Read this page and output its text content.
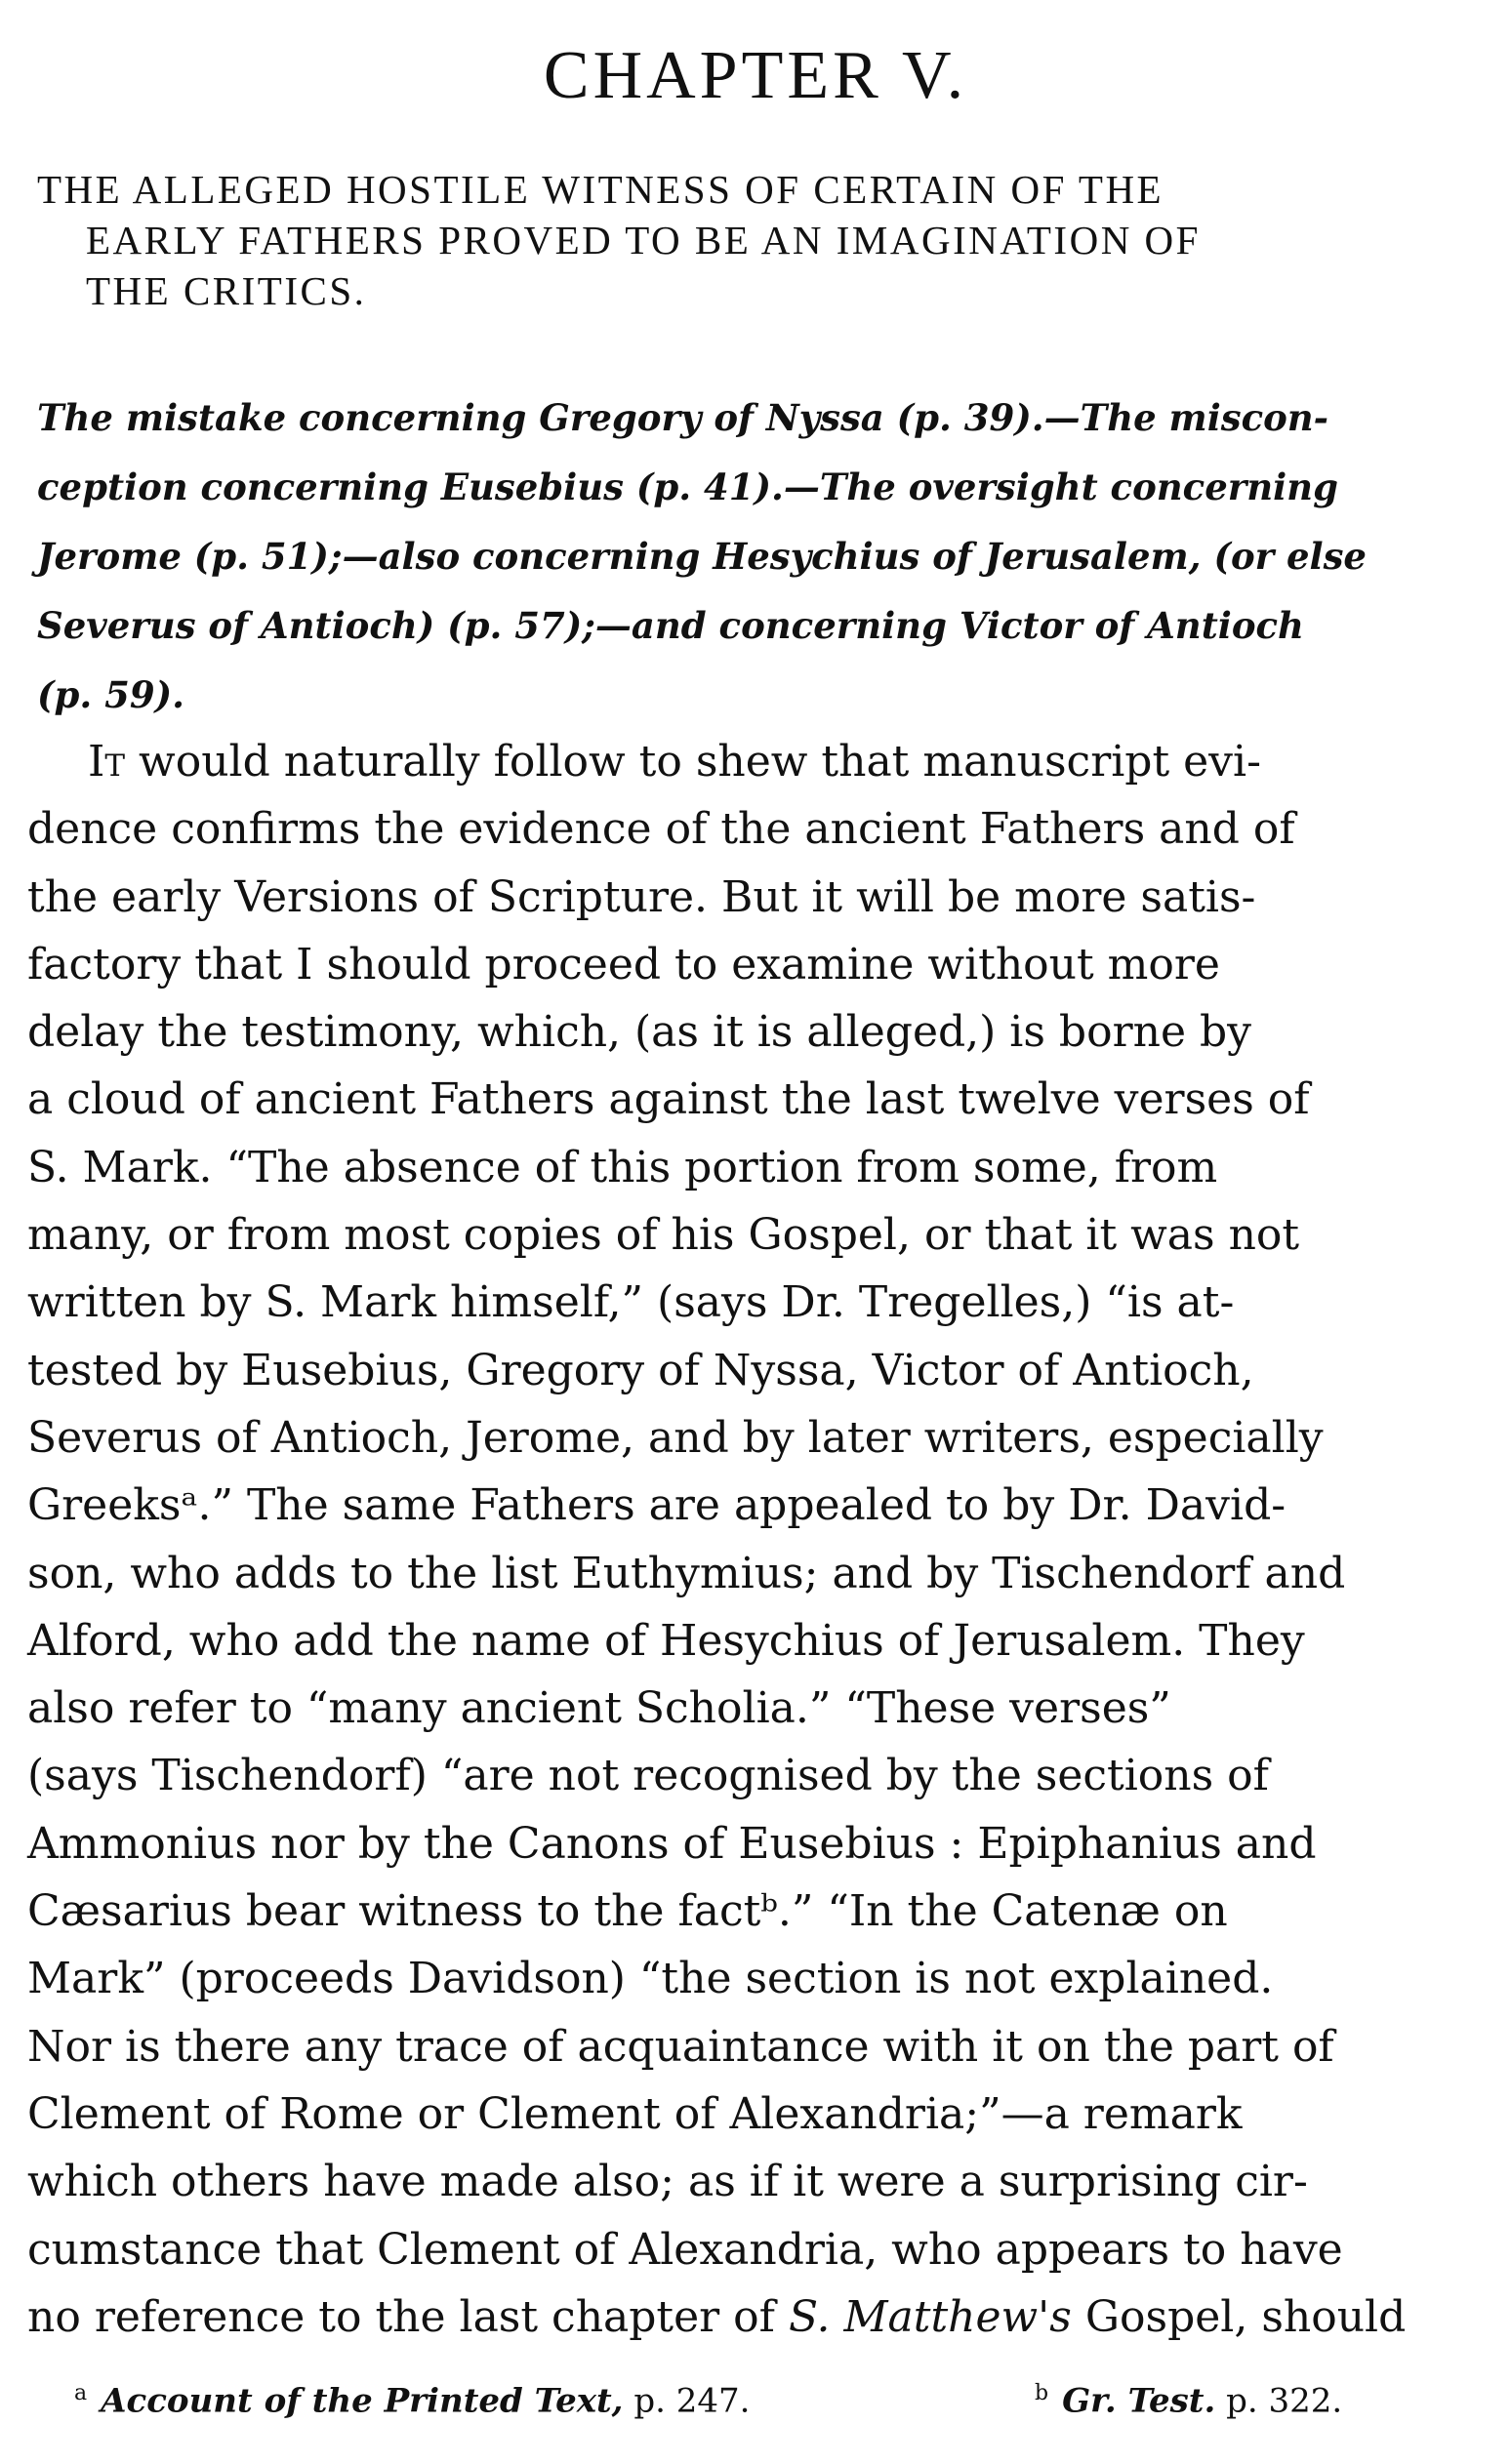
CHAPTER V.
THE ALLEGED HOSTILE WITNESS OF CERTAIN OF THE
EARLY FATHERS PROVED TO BE AN IMAGINATION OF
THE CRITICS.
The mistake concerning Gregory of Nyssa (p. 39).—The miscon-
ception concerning Eusebius (p. 41).—The oversight concerning
Jerome (p. 51);—also concerning Hesychius of Jerusalem, (or else
Severus of Antioch) (p. 57);—and concerning Victor of Antioch
(p. 59).
It would naturally follow to shew that manuscript evi-
dence confirms the evidence of the ancient Fathers and of
the early Versions of Scripture. But it will be more satis-
factory that I should proceed to examine without more
delay the testimony, which, (as it is alleged,) is borne by
a cloud of ancient Fathers against the last twelve verses of
S. Mark. “The absence of this portion from some, from
many, or from most copies of his Gospel, or that it was not
written by S. Mark himself,” (says Dr. Tregelles,) “is at-
tested by Eusebius, Gregory of Nyssa, Victor of Antioch,
Severus of Antioch, Jerome, and by later writers, especially
Greeksᵃ.” The same Fathers are appealed to by Dr. David-
son, who adds to the list Euthymius; and by Tischendorf and
Alford, who add the name of Hesychius of Jerusalem. They
also refer to “many ancient Scholia.” “These verses”
(says Tischendorf) “are not recognised by the sections of
Ammonius nor by the Canons of Eusebius : Epiphanius and
Cæsarius bear witness to the factᵇ.” “In the Catenæ on
Mark” (proceeds Davidson) “the section is not explained.
Nor is there any trace of acquaintance with it on the part of
Clement of Rome or Clement of Alexandria;”—a remark
which others have made also; as if it were a surprising cir-
cumstance that Clement of Alexandria, who appears to have
no reference to the last chapter of S. Matthew's Gospel, should
$^a$ Account of the Printed Text, p. 247.	$^b$ Gr. Test. p. 322.
